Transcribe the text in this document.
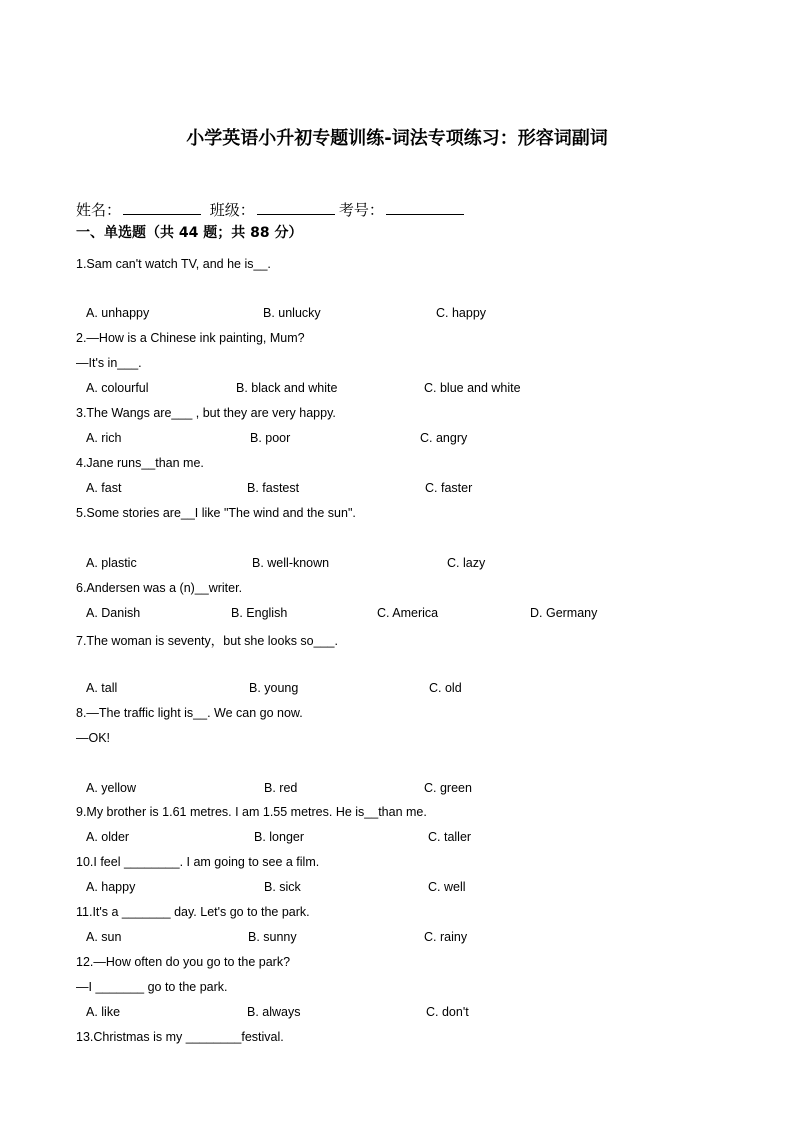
小学英语小升初专题训练-词法专项练习：形容词副词
姓名：	班级：	考号：
一、单选题（共 44 题；共 88 分）
1.Sam can't watch TV, and he is__.
A. unhappy	B. unlucky	C. happy
2.—How is a Chinese ink painting, Mum?
—It's in___.
A. colourful	B. black and white	C. blue and white
3.The Wangs are___ , but they are very happy.
A. rich	B. poor	C. angry
4.Jane runs__than me.
A. fast	B. fastest	C. faster
5.Some stories are__I like "The wind and the sun".
A. plastic	B. well-known	C. lazy
6.Andersen was a (n)__writer.
A. Danish	B. English	C. America	D. Germany
7.The woman is seventy，but she looks so___.
A. tall	B. young	C. old
8.—The traffic light is__. We can go now.
—OK!
A. yellow	B. red	C. green
9.My brother is 1.61 metres. I am 1.55 metres. He is__than me.
A. older	B. longer	C. taller
10.I feel ________. I am going to see a film.
A. happy	B. sick	C. well
11.It's a _______ day. Let's go to the park.
A. sun	B. sunny	C. rainy
12.—How often do you go to the park?
—I _______ go to the park.
A. like	B. always	C. don't
13.Christmas is my ________festival.
